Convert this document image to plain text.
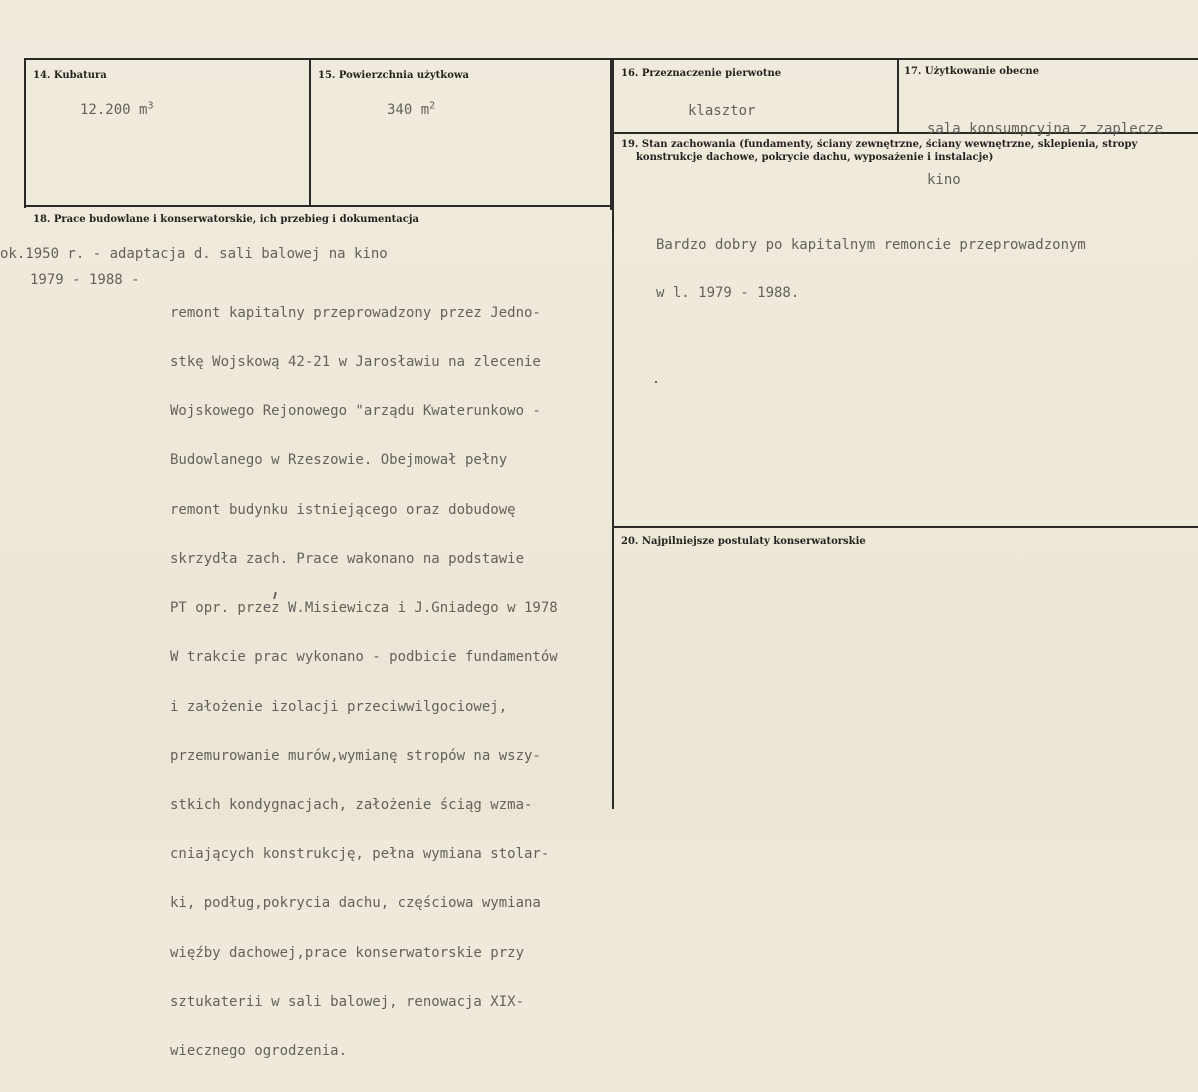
14. Kubatura
12.200 $m^3$
15. Powierzchnia użytkowa
340 $m^2$
16. Przeznaczenie pierwotne
klasztor
17. Użytkowanie obecne

sala konsumpcyjna z zaplecze

kino

19. Stan zachowania (fundamenty, ściany zewnętrzne, ściany wewnętrzne, sklepienia, stropy
konstrukcje dachowe, pokrycie dachu, wyposażenie i instalacje)

Bardzo dobry po kapitalnym remoncie przeprowadzonym

w l. 1979 - 1988.

18. Prace budowlane i konserwatorskie, ich przebieg i dokumentacja
ok.1950 r. - adaptacja d. sali balowej na kino
1979 - 1988 -

remont kapitalny przeprowadzony przez Jedno-

stkę Wojskową 42-21 w Jarosławiu na zlecenie

Wojskowego Rejonowego "arządu Kwaterunkowo -

Budowlanego w Rzeszowie. Obejmował pełny

remont budynku istniejącego oraz dobudowę

skrzydła zach. Prace wakonano na podstawie

PT opr. przez W.Misiewicza i J.Gniadego w 1978

W trakcie prac wykonano - podbicie fundamentów

i założenie izolacji przeciwwilgociowej,

przemurowanie murów,wymianę stropów na wszy-

stkich kondygnacjach, założenie ściąg wzma-

cniających konstrukcję, pełna wymiana stolar-

ki, podług,pokrycia dachu, częściowa wymiana

więźby dachowej,prace konserwatorskie przy

sztukaterii w sali balowej, renowacja XIX-

wiecznego ogrodzenia.

20. Najpilniejsze postulaty konserwatorskie
